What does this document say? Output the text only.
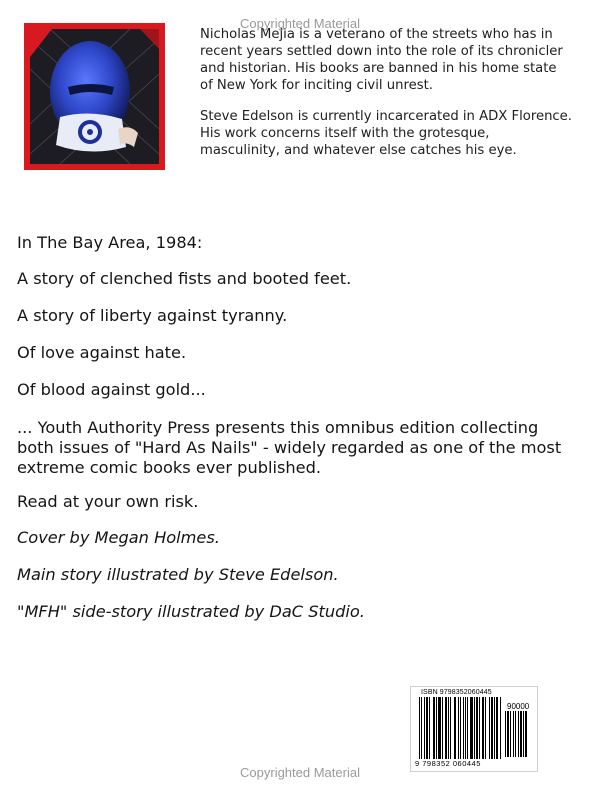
Copyrighted Material

Nicholas Mejia is a veterano of the streets who has in recent years settled down into the role of its chronicler and historian. His books are banned in his home state of New York for inciting civil unrest.

Steve Edelson is currently incarcerated in ADX Florence. His work concerns itself with the grotesque, masculinity, and whatever else catches his eye.

In The Bay Area, 1984:

A story of clenched fists and booted feet.

A story of liberty against tyranny.

Of love against hate.

Of blood against gold...

... Youth Authority Press presents this omnibus edition collecting both issues of "Hard As Nails" - widely regarded as one of the most extreme comic books ever published.

Read at your own risk.

Cover by Megan Holmes.

Main story illustrated by Steve Edelson.

"MFH" side-story illustrated by DaC Studio.

ISBN 9798352060445
90000
9 798352 060445
Copyrighted Material
